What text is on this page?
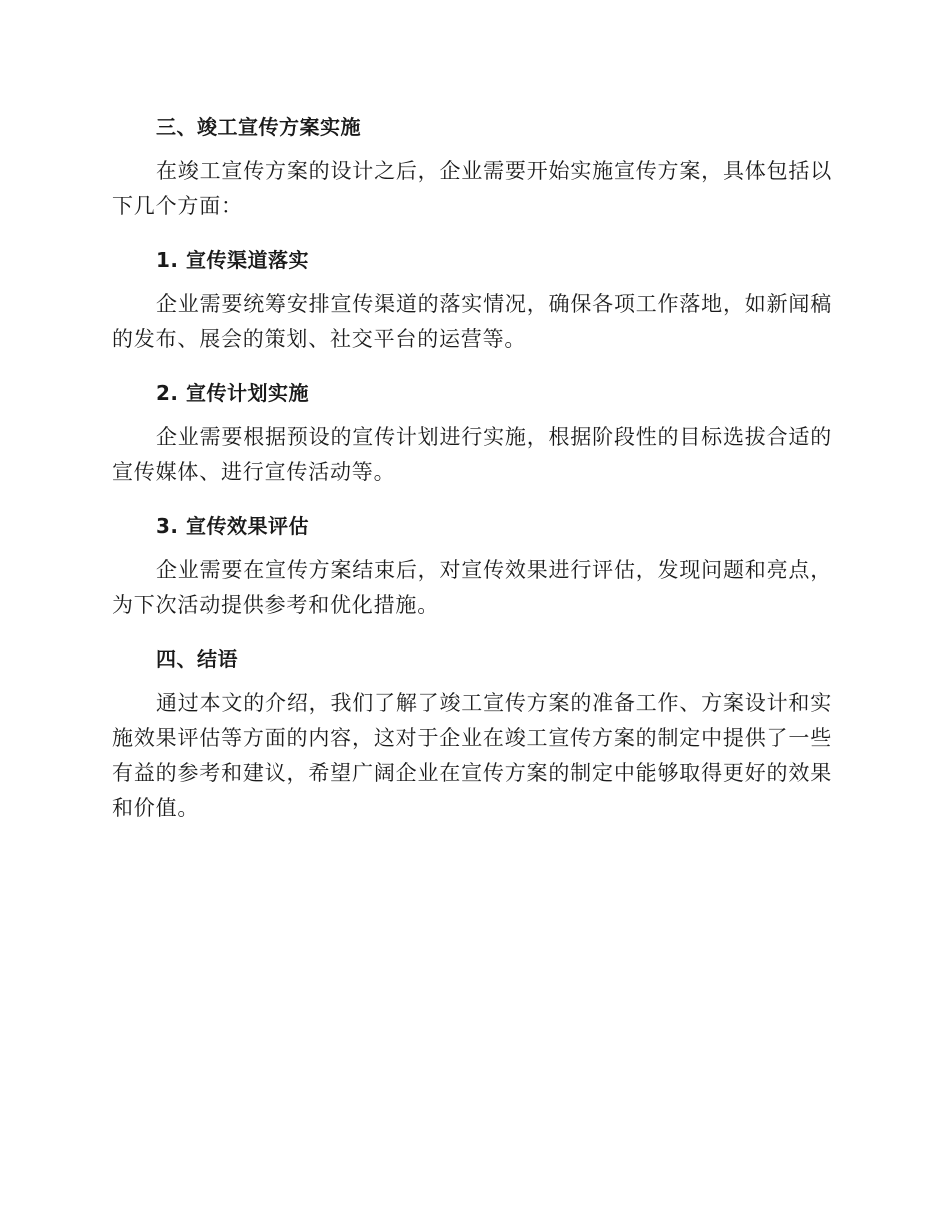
三、竣工宣传方案实施

在竣工宣传方案的设计之后，企业需要开始实施宣传方案，具体包括以下几个方面：

1. 宣传渠道落实

企业需要统筹安排宣传渠道的落实情况，确保各项工作落地，如新闻稿的发布、展会的策划、社交平台的运营等。

2. 宣传计划实施

企业需要根据预设的宣传计划进行实施，根据阶段性的目标选拔合适的宣传媒体、进行宣传活动等。

3. 宣传效果评估

企业需要在宣传方案结束后，对宣传效果进行评估，发现问题和亮点，为下次活动提供参考和优化措施。

四、结语

通过本文的介绍，我们了解了竣工宣传方案的准备工作、方案设计和实施效果评估等方面的内容，这对于企业在竣工宣传方案的制定中提供了一些有益的参考和建议，希望广阔企业在宣传方案的制定中能够取得更好的效果和价值。
